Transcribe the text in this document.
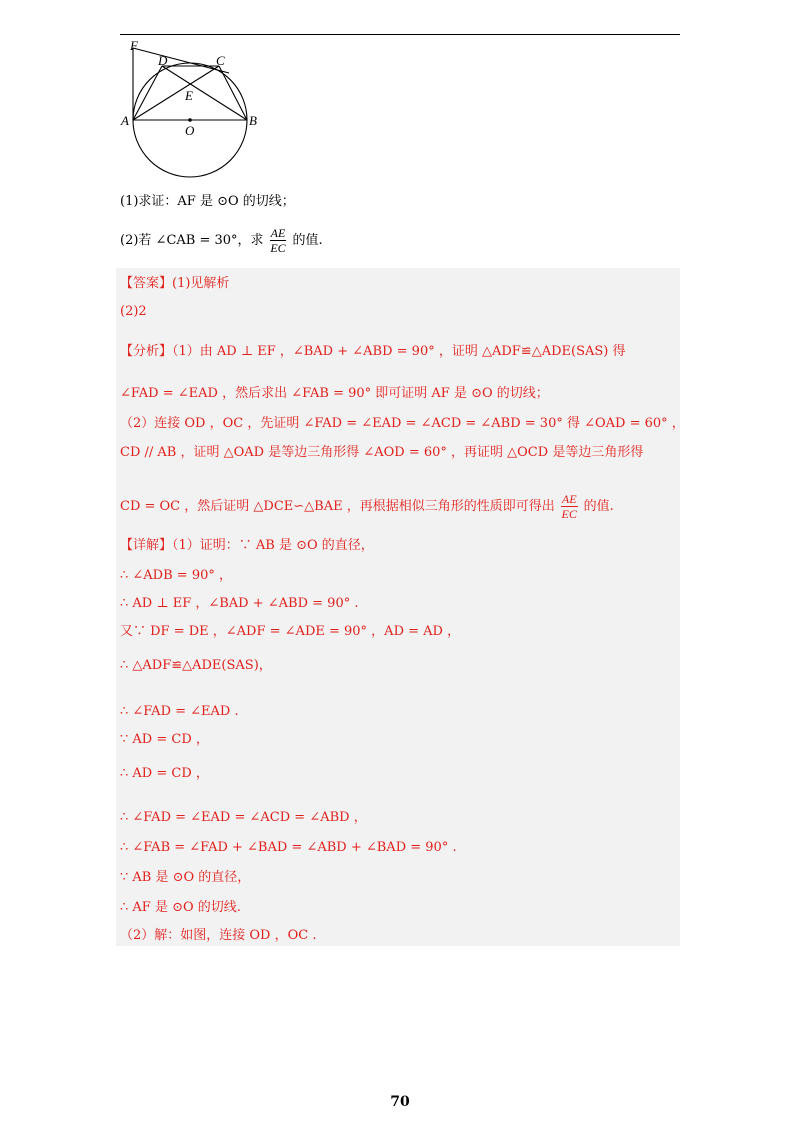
F
D	C
E
A
O
B
(1)求证：AF 是 ⊙O 的切线；
(2)若 ∠CAB = 30°，求 $\frac{AE}{EC}$ 的值.
【答案】(1)见解析
(2)2
【分析】（1）由 AD ⊥ EF ，∠BAD + ∠ABD = 90° ，证明 △ADF≌△ADE(SAS) 得
∠FAD = ∠EAD ，然后求出 ∠FAB = 90° 即可证明 AF 是 ⊙O 的切线；
（2）连接 OD ，OC ，先证明 ∠FAD = ∠EAD = ∠ACD = ∠ABD = 30° 得 ∠OAD = 60° ，
CD // AB ，证明 △OAD 是等边三角形得 ∠AOD = 60° ，再证明 △OCD 是等边三角形得
CD = OC ，然后证明 △DCE∽△BAE ，再根据相似三角形的性质即可得出 $\frac{AE}{EC}$ 的值.
【详解】（1）证明：∵ AB 是 ⊙O 的直径，
∴ ∠ADB = 90° ，
∴ AD ⊥ EF ，∠BAD + ∠ABD = 90° .
又∵ DF = DE ，∠ADF = ∠ADE = 90° ，AD = AD ，
∴ △ADF≌△ADE(SAS)，
∴ ∠FAD = ∠EAD .
∵ AD = CD ，
∴ AD = CD ，
∴ ∠FAD = ∠EAD = ∠ACD = ∠ABD ，
∴ ∠FAB = ∠FAD + ∠BAD = ∠ABD + ∠BAD = 90° .
∵ AB 是 ⊙O 的直径，
∴ AF 是 ⊙O 的切线.
（2）解：如图，连接 OD ，OC .
70
